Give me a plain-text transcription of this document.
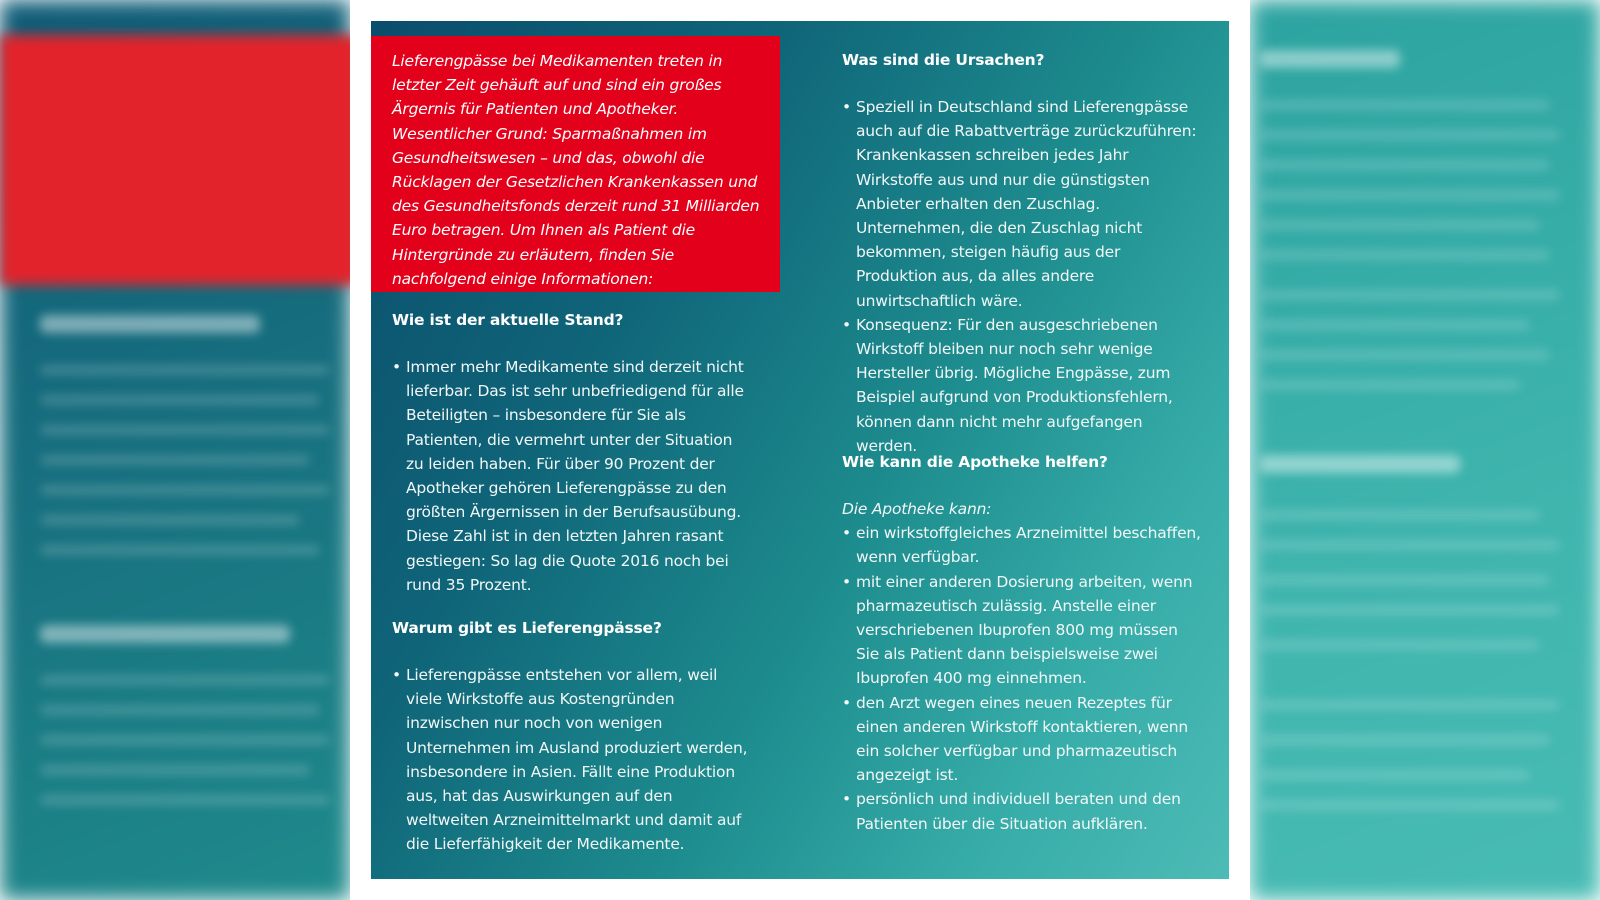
Lieferengpässe bei Medikamenten treten in letzter Zeit gehäuft auf und sind ein großes Ärgernis für Patienten und Apotheker. Wesentlicher Grund: Sparmaßnahmen im Gesundheitswesen – und das, obwohl die Rücklagen der Gesetzlichen Krankenkassen und des Gesundheitsfonds derzeit rund 31 Milliarden Euro betragen. Um Ihnen als Patient die Hintergründe zu erläutern, finden Sie nachfolgend einige Informationen:
Wie ist der aktuelle Stand?
• Immer mehr Medikamente sind derzeit nicht lieferbar. Das ist sehr unbefriedigend für alle Beteiligten – insbesondere für Sie als Patienten, die vermehrt unter der Situation zu leiden haben. Für über 90 Prozent der Apotheker gehören Lieferengpässe zu den größten Ärgernissen in der Berufsausübung. Diese Zahl ist in den letzten Jahren rasant gestiegen: So lag die Quote 2016 noch bei rund 35 Prozent.
Warum gibt es Lieferengpässe?
• Lieferengpässe entstehen vor allem, weil viele Wirkstoffe aus Kostengründen inzwischen nur noch von wenigen Unternehmen im Ausland produziert werden, insbesondere in Asien. Fällt eine Produktion aus, hat das Auswirkungen auf den weltweiten Arzneimittelmarkt und damit auf die Lieferfähigkeit der Medikamente.
Was sind die Ursachen?
• Speziell in Deutschland sind Lieferengpässe auch auf die Rabattverträge zurückzuführen: Krankenkassen schreiben jedes Jahr Wirkstoffe aus und nur die günstigsten Anbieter erhalten den Zuschlag. Unternehmen, die den Zuschlag nicht bekommen, steigen häufig aus der Produktion aus, da alles andere unwirtschaftlich wäre.
• Konsequenz: Für den ausgeschriebenen Wirkstoff bleiben nur noch sehr wenige Hersteller übrig. Mögliche Engpässe, zum Beispiel aufgrund von Produktionsfehlern, können dann nicht mehr aufgefangen werden.
Wie kann die Apotheke helfen?
Die Apotheke kann:
• ein wirkstoffgleiches Arzneimittel beschaffen, wenn verfügbar.
• mit einer anderen Dosierung arbeiten, wenn pharmazeutisch zulässig. Anstelle einer verschriebenen Ibuprofen 800 mg müssen Sie als Patient dann beispielsweise zwei Ibuprofen 400 mg einnehmen.
• den Arzt wegen eines neuen Rezeptes für einen anderen Wirkstoff kontaktieren, wenn ein solcher verfügbar und pharmazeutisch angezeigt ist.
• persönlich und individuell beraten und den Patienten über die Situation aufklären.
